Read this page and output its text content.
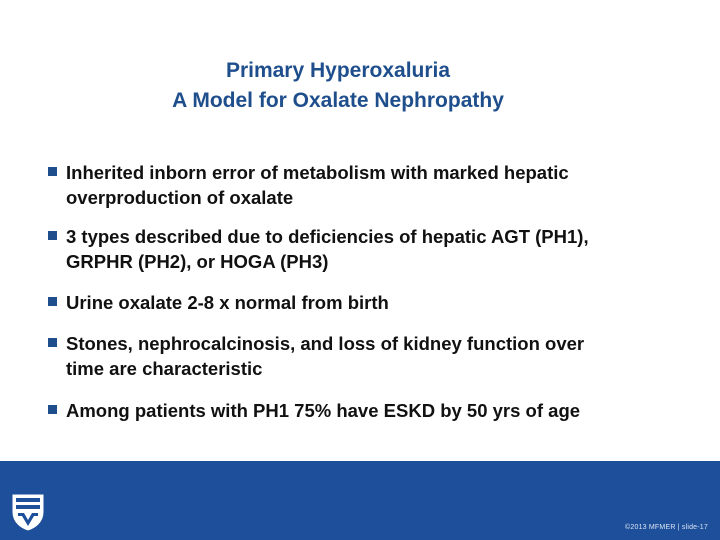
Primary Hyperoxaluria
A Model for Oxalate Nephropathy
Inherited inborn error of metabolism with marked hepatic
overproduction of oxalate
3 types described due to deficiencies of hepatic AGT (PH1),
GRPHR (PH2), or HOGA (PH3)
Urine oxalate 2-8 x normal from birth
Stones, nephrocalcinosis, and loss of kidney function over
time are characteristic
Among patients with PH1 75% have ESKD by 50 yrs of age
©2013 MFMER | slide-17
